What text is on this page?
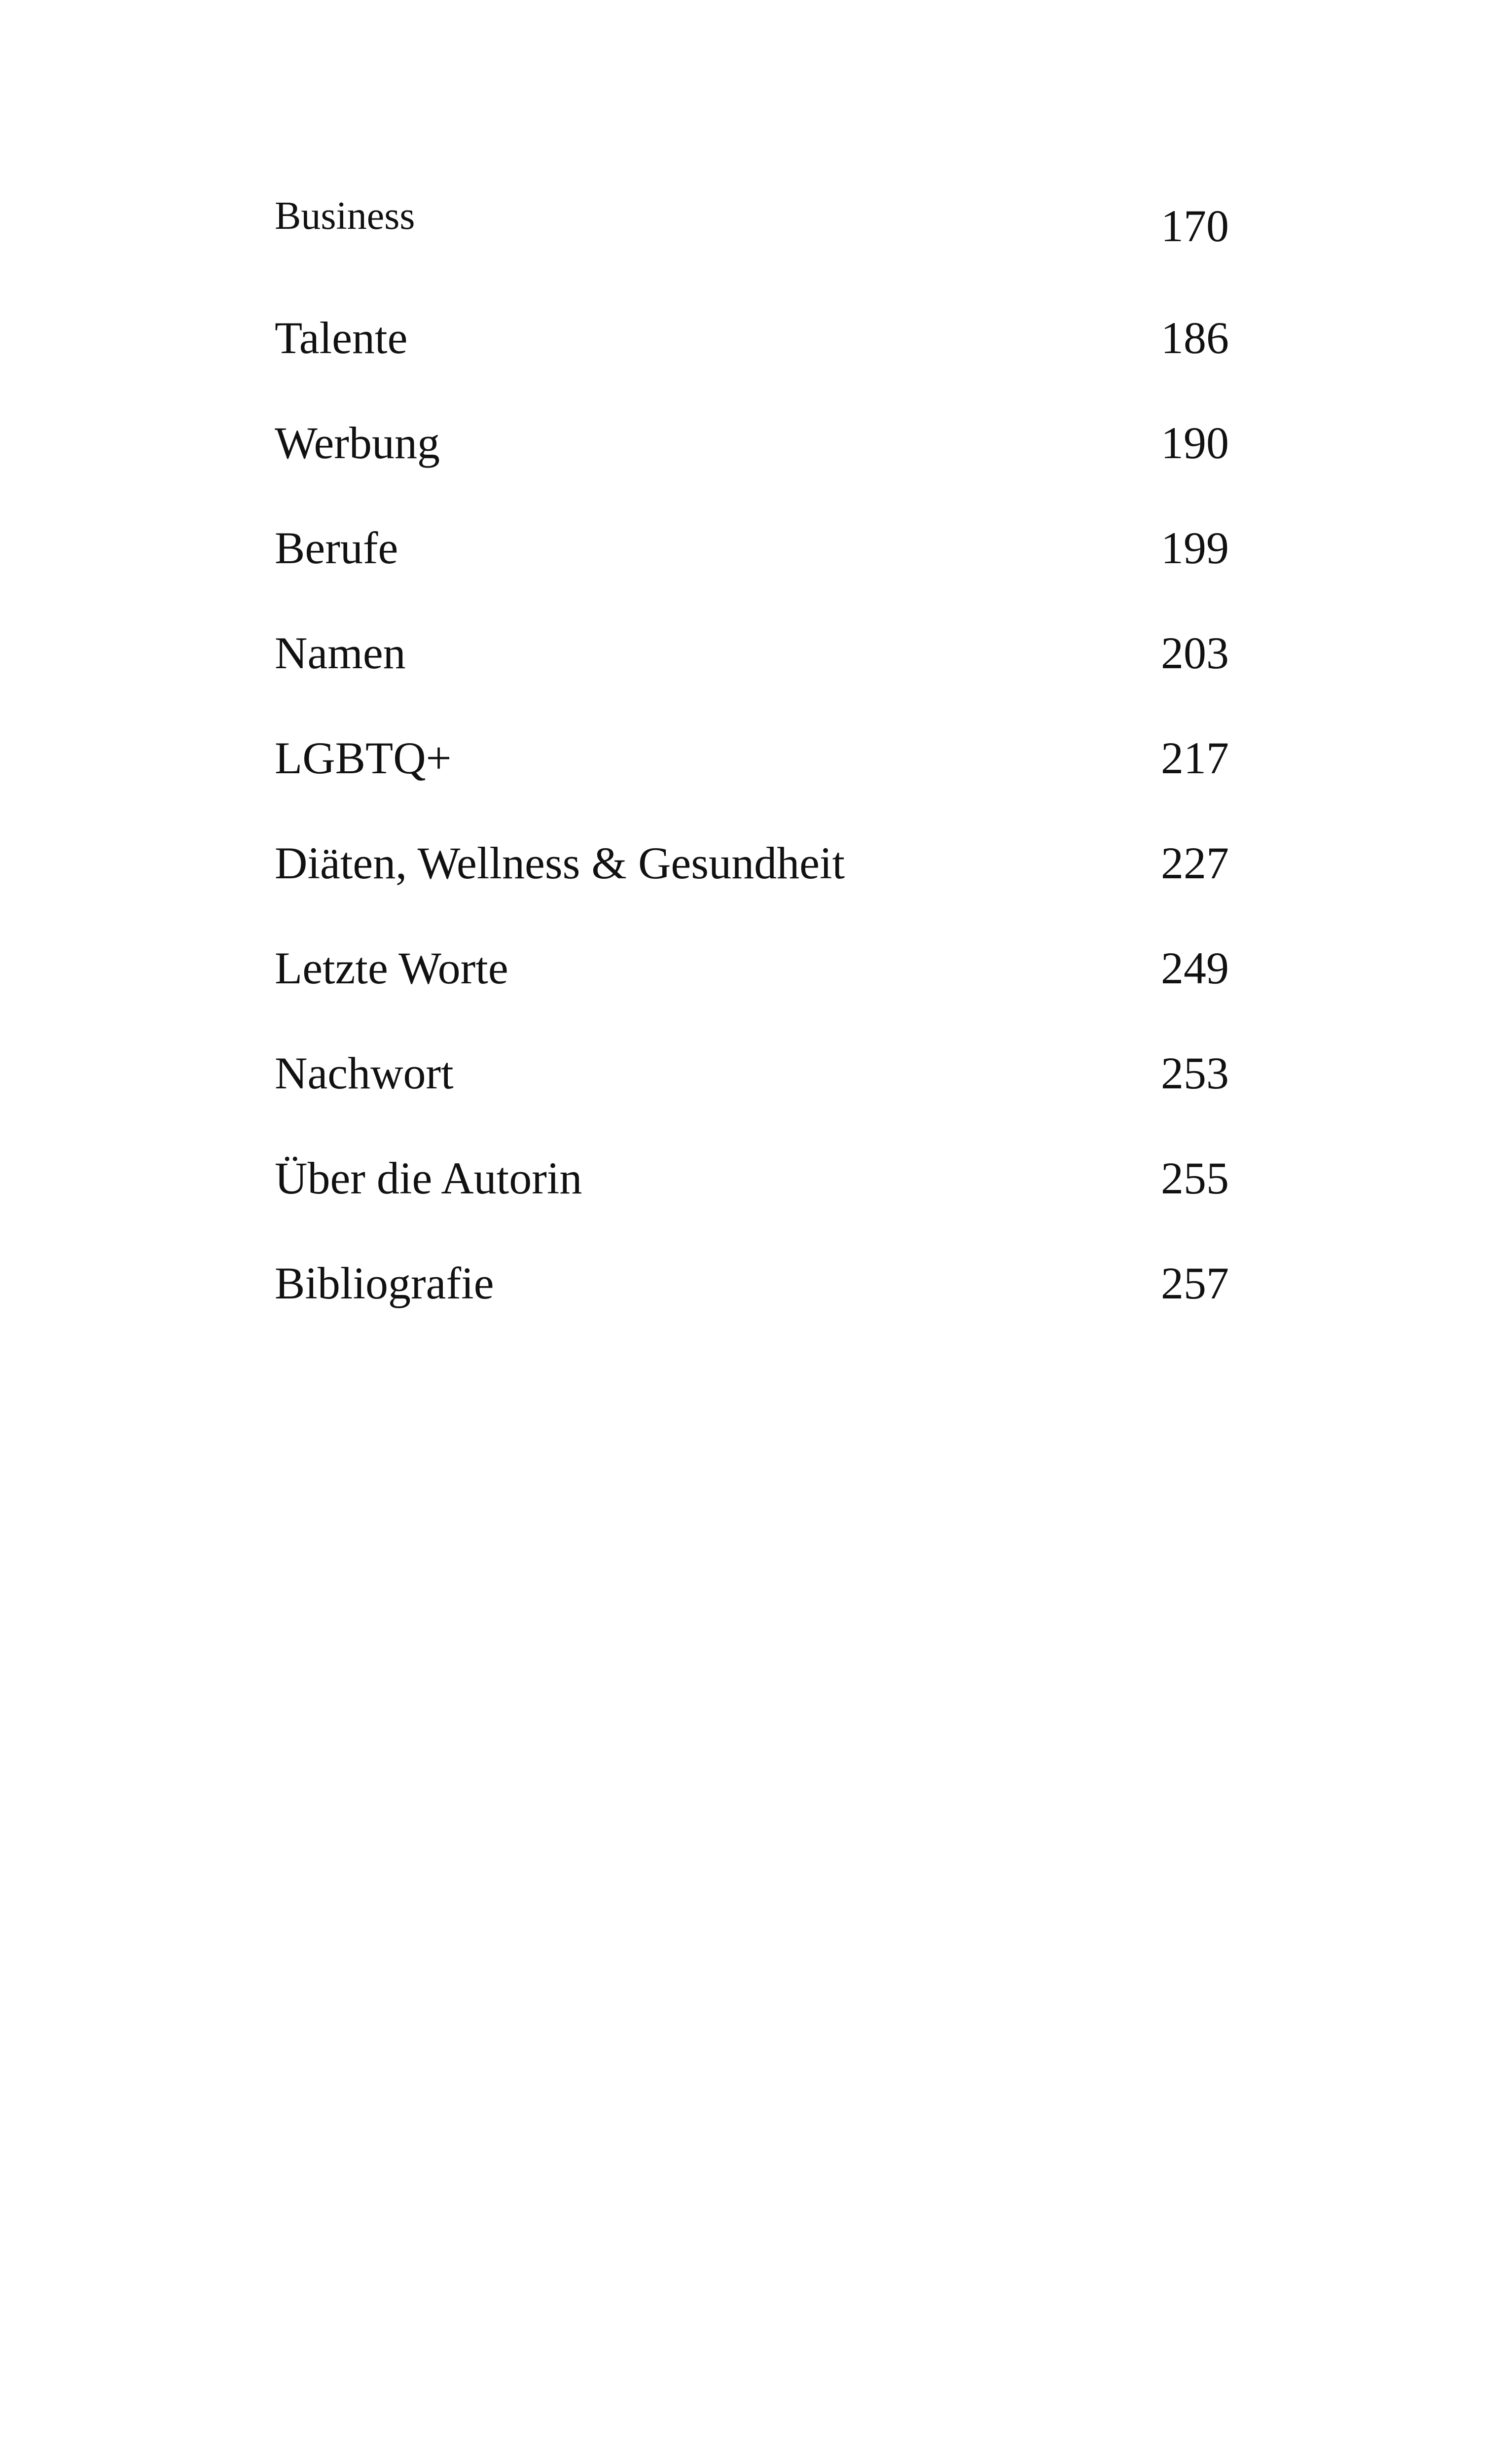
Business	170
Talente	186
Werbung	190
Berufe	199
Namen	203
LGBTQ+	217
Diäten, Wellness & Gesundheit	227
Letzte Worte	249
Nachwort	253
Über die Autorin	255
Bibliografie	257
